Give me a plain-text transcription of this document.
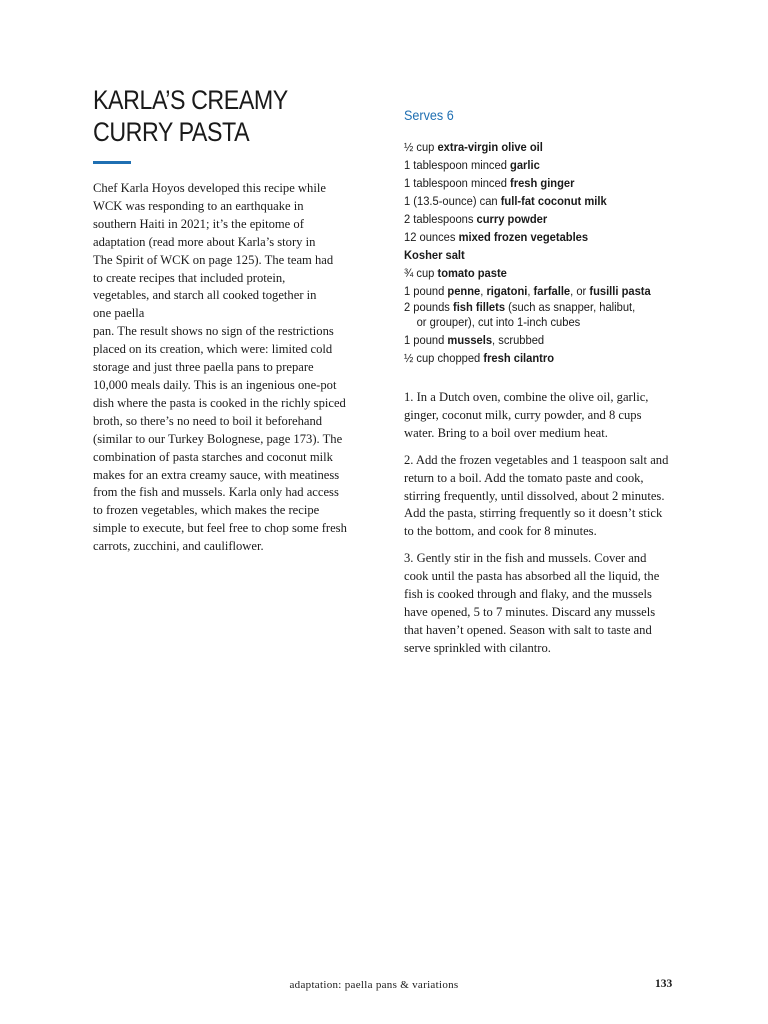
KARLA’S CREAMY
CURRY PASTA
Chef Karla Hoyos developed this recipe while
WCK was responding to an earthquake in
southern Haiti in 2021; it’s the epitome of
adaptation (read more about Karla’s story in
The Spirit of WCK on page 125). The team had
to create recipes that included protein,
vegetables, and starch all cooked together in
one paella
pan. The result shows no sign of the restrictions
placed on its creation, which were: limited cold
storage and just three paella pans to prepare
10,000 meals daily. This is an ingenious one-pot
dish where the pasta is cooked in the richly spiced
broth, so there’s no need to boil it beforehand
(similar to our Turkey Bolognese, page 173). The
combination of pasta starches and coconut milk
makes for an extra creamy sauce, with meatiness
from the fish and mussels. Karla only had access
to frozen vegetables, which makes the recipe
simple to execute, but feel free to chop some fresh
carrots, zucchini, and cauliflower.
Serves 6
½ cup extra-virgin olive oil
1 tablespoon minced garlic
1 tablespoon minced fresh ginger
1 (13.5-ounce) can full-fat coconut milk
2 tablespoons curry powder
12 ounces mixed frozen vegetables
Kosher salt
¾ cup tomato paste
1 pound penne, rigatoni, farfalle, or fusilli pasta
2 pounds fish fillets (such as snapper, halibut,
or grouper), cut into 1-inch cubes
1 pound mussels, scrubbed
½ cup chopped fresh cilantro

1. In a Dutch oven, combine the olive oil, garlic, ginger, coconut milk, curry powder, and 8 cups water. Bring to a boil over medium heat.

2. Add the frozen vegetables and 1 teaspoon salt and return to a boil. Add the tomato paste and cook, stirring frequently, until dissolved, about 2 minutes. Add the pasta, stirring frequently so it doesn’t stick to the bottom, and cook for 8 minutes.

3. Gently stir in the fish and mussels. Cover and cook until the pasta has absorbed all the liquid, the fish is cooked through and flaky, and the mussels have opened, 5 to 7 minutes. Discard any mussels that haven’t opened. Season with salt to taste and serve sprinkled with cilantro.

adaptation: paella pans & variations	133
